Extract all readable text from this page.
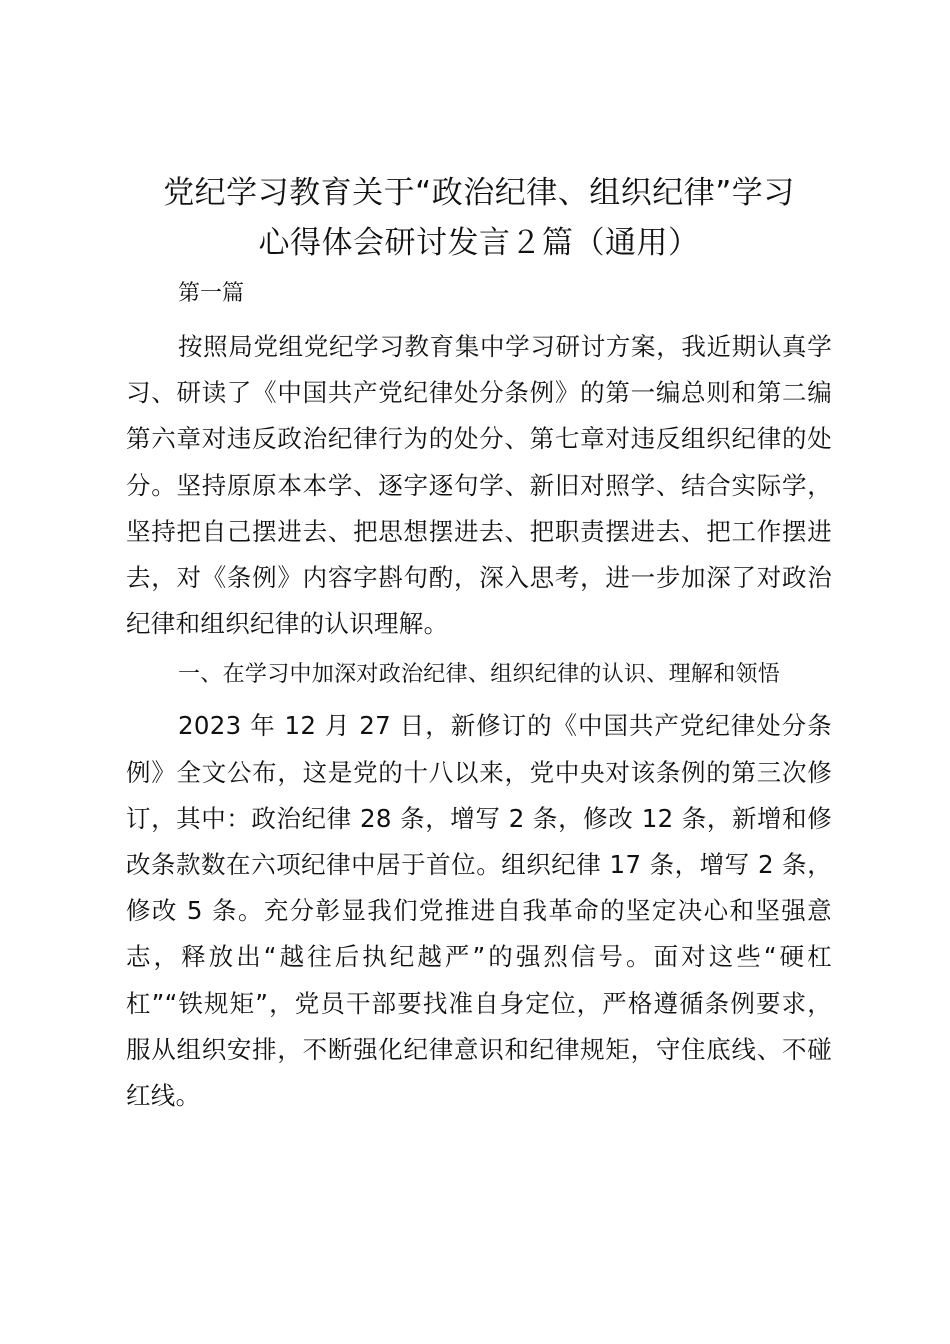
党纪学习教育关于“政治纪律、组织纪律”学习
心得体会研讨发言２篇（通用）

第一篇

按照局党组党纪学习教育集中学习研讨方案，我近期认真学习、研读了《中国共产党纪律处分条例》的第一编总则和第二编第六章对违反政治纪律行为的处分、第七章对违反组织纪律的处分。坚持原原本本学、逐字逐句学、新旧对照学、结合实际学，坚持把自己摆进去、把思想摆进去、把职责摆进去、把工作摆进去，对《条例》内容字斟句酌，深入思考，进一步加深了对政治纪律和组织纪律的认识理解。

一、在学习中加深对政治纪律、组织纪律的认识、理解和领悟

2023 年 12 月 27 日，新修订的《中国共产党纪律处分条例》全文公布，这是党的十八以来，党中央对该条例的第三次修订，其中：政治纪律 28 条，增写 2 条，修改 12 条，新增和修改条款数在六项纪律中居于首位。组织纪律 17 条，增写 2 条，修改 5 条。充分彰显我们党推进自我革命的坚定决心和坚强意志，释放出“越往后执纪越严”的强烈信号。面对这些“硬杠杠”“铁规矩”，党员干部要找准自身定位，严格遵循条例要求，服从组织安排，不断强化纪律意识和纪律规矩，守住底线、不碰红线。
